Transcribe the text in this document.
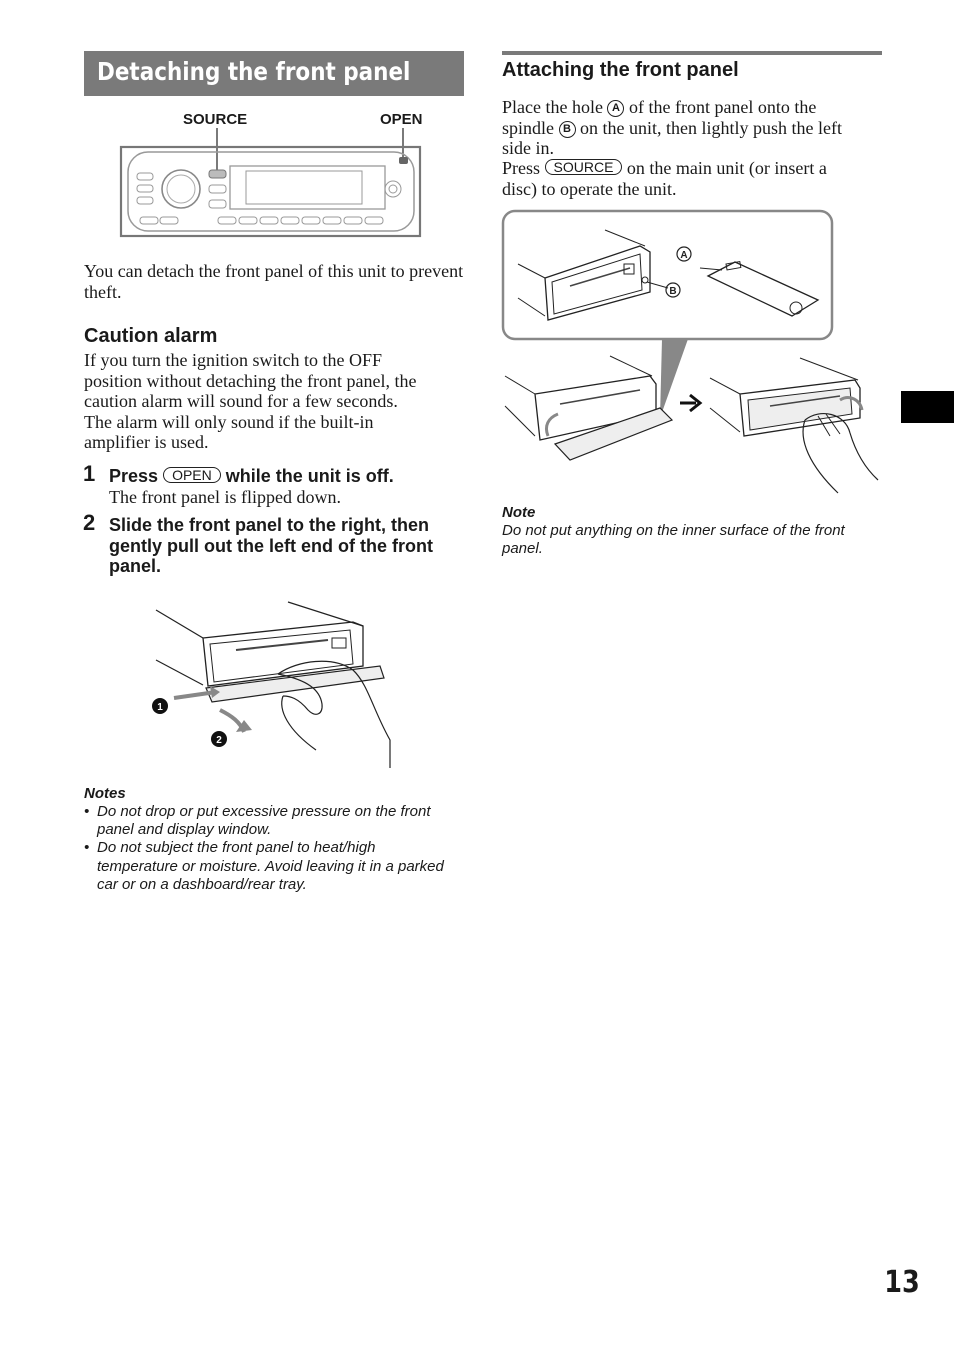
Detaching the front panel
SOURCE	OPEN
You can detach the front panel of this unit to prevent theft.
Caution alarm
If you turn the ignition switch to the OFF
position without detaching the front panel, the
caution alarm will sound for a few seconds.
The alarm will only sound if the built-in
amplifier is used.
1 Press OPEN while the unit is off.
The front panel is flipped down.
2 Slide the front panel to the right, then
gently pull out the left end of the front
panel.
1
2
Notes
• Do not drop or put excessive pressure on the front
panel and display window.
• Do not subject the front panel to heat/high
temperature or moisture. Avoid leaving it in a parked
car or on a dashboard/rear tray.
Attaching the front panel
Place the hole A of the front panel onto the
spindle B on the unit, then lightly push the left
side in.
Press SOURCE on the main unit (or insert a
disc) to operate the unit.
A
B
Note
Do not put anything on the inner surface of the front
panel.
13
